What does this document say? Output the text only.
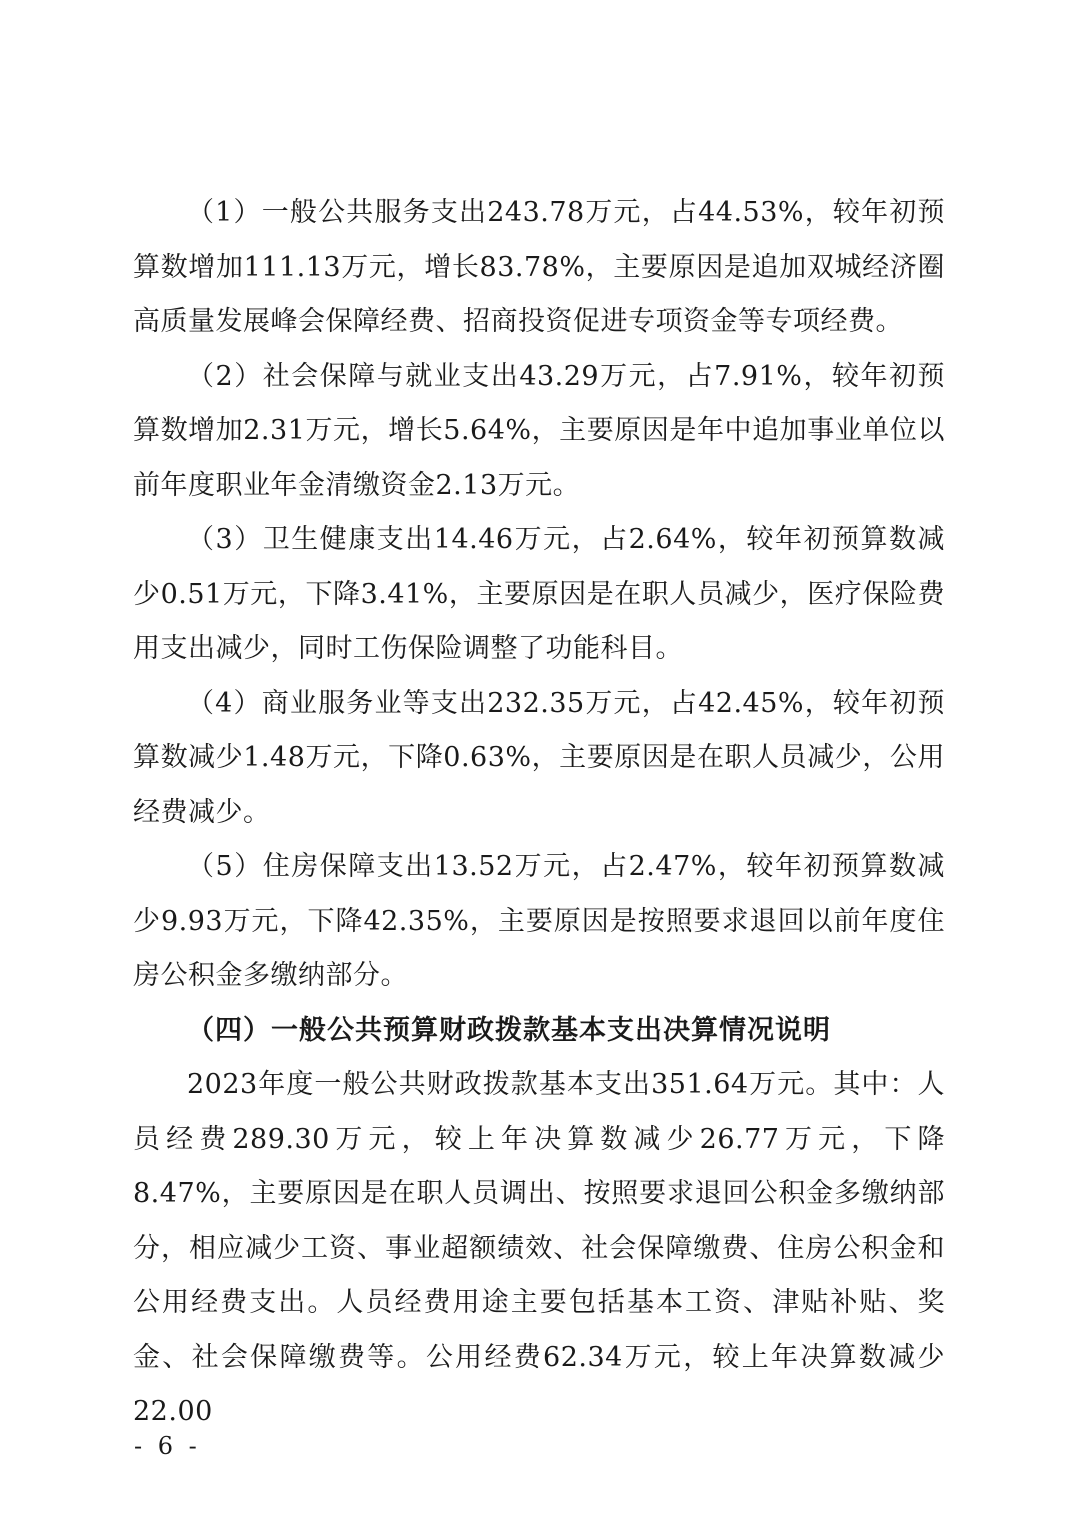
（1）一般公共服务支出243.78万元，占44.53%，较年初预算数增加111.13万元，增长83.78%，主要原因是追加双城经济圈高质量发展峰会保障经费、招商投资促进专项资金等专项经费。

（2）社会保障与就业支出43.29万元，占7.91%，较年初预算数增加2.31万元，增长5.64%，主要原因是年中追加事业单位以前年度职业年金清缴资金2.13万元。

（3）卫生健康支出14.46万元，占2.64%，较年初预算数减少0.51万元，下降3.41%，主要原因是在职人员减少，医疗保险费用支出减少，同时工伤保险调整了功能科目。

（4）商业服务业等支出232.35万元，占42.45%，较年初预算数减少1.48万元，下降0.63%，主要原因是在职人员减少，公用经费减少。

（5）住房保障支出13.52万元，占2.47%，较年初预算数减少9.93万元，下降42.35%，主要原因是按照要求退回以前年度住房公积金多缴纳部分。

（四）一般公共预算财政拨款基本支出决算情况说明

2023年度一般公共财政拨款基本支出351.64万元。其中：人员经费289.30万元，较上年决算数减少26.77万元，下降8.47%，主要原因是在职人员调出、按照要求退回公积金多缴纳部分，相应减少工资、事业超额绩效、社会保障缴费、住房公积金和公用经费支出。人员经费用途主要包括基本工资、津贴补贴、奖金、社会保障缴费等。公用经费62.34万元，较上年决算数减少22.00

- 6 -
